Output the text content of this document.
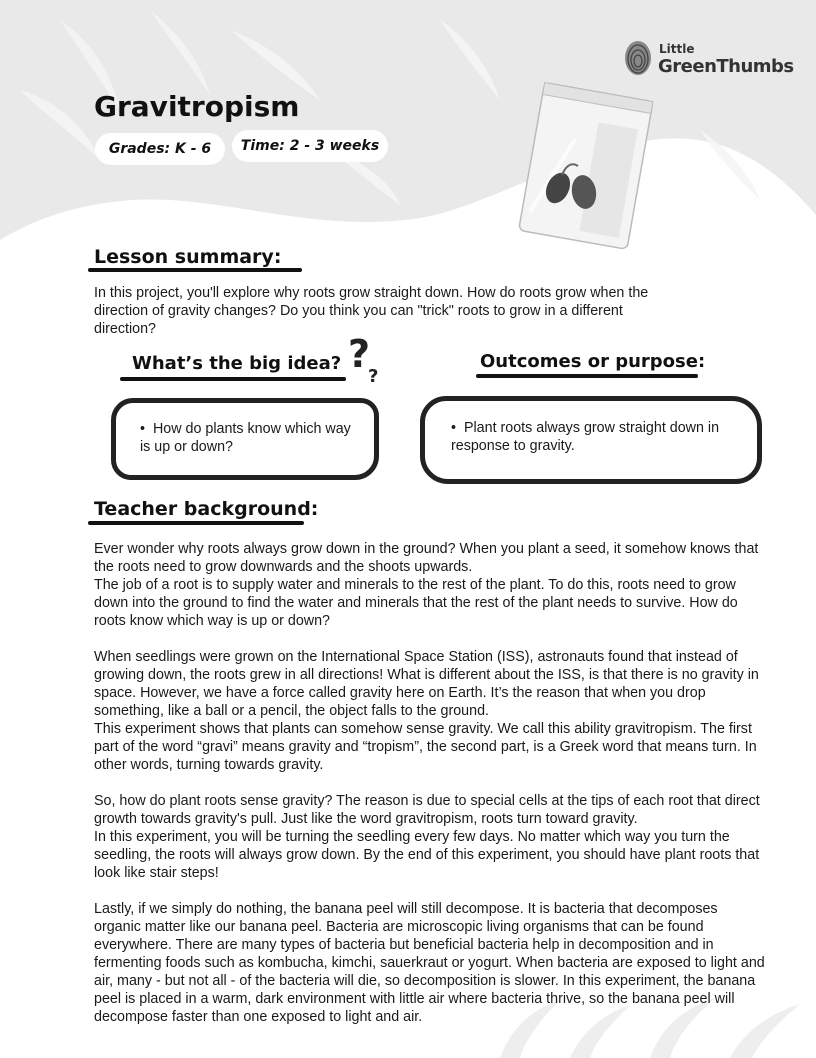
Little
GreenThumbs
Gravitropism
Grades: K - 6	Time: 2 - 3 weeks
Lesson summary:

In this project, you'll explore why roots grow straight down. How do roots grow when the direction of gravity changes? Do you think you can "trick" roots to grow in a different direction?

What’s the big idea? ?
?
•  How do plants know which way is up or down?
Outcomes or purpose:
•  Plant roots always grow straight down in response to gravity.
Teacher background:

Ever wonder why roots always grow down in the ground? When you plant a seed, it somehow knows that the roots need to grow downwards and the shoots upwards.

The job of a root is to supply water and minerals to the rest of the plant. To do this, roots need to grow down into the ground to find the water and minerals that the rest of the plant needs to survive. How do roots know which way is up or down?

When seedlings were grown on the International Space Station (ISS), astronauts found that instead of growing down, the roots grew in all directions! What is different about the ISS, is that there is no gravity in space. However, we have a force called gravity here on Earth. It’s the reason that when you drop something, like a ball or a pencil, the object falls to the ground.

This experiment shows that plants can somehow sense gravity. We call this ability gravitropism. The first part of the word “gravi” means gravity and “tropism”, the second part, is a Greek word that means turn. In other words, turning towards gravity.

So, how do plant roots sense gravity? The reason is due to special cells at the tips of each root that direct growth towards gravity's pull. Just like the word gravitropism, roots turn toward gravity.

In this experiment, you will be turning the seedling every few days. No matter which way you turn the seedling, the roots will always grow down. By the end of this experiment, you should have plant roots that look like stair steps!

Lastly, if we simply do nothing, the banana peel will still decompose. It is bacteria that decomposes organic matter like our banana peel. Bacteria are microscopic living organisms that can be found everywhere. There are many types of bacteria but beneficial bacteria help in decomposition and in fermenting foods such as kombucha, kimchi, sauerkraut or yogurt. When bacteria are exposed to light and air, many - but not all - of the bacteria will die, so decomposition is slower. In this experiment, the banana peel is placed in a warm, dark environment with little air where bacteria thrive, so the banana peel will decompose faster than one exposed to light and air.
